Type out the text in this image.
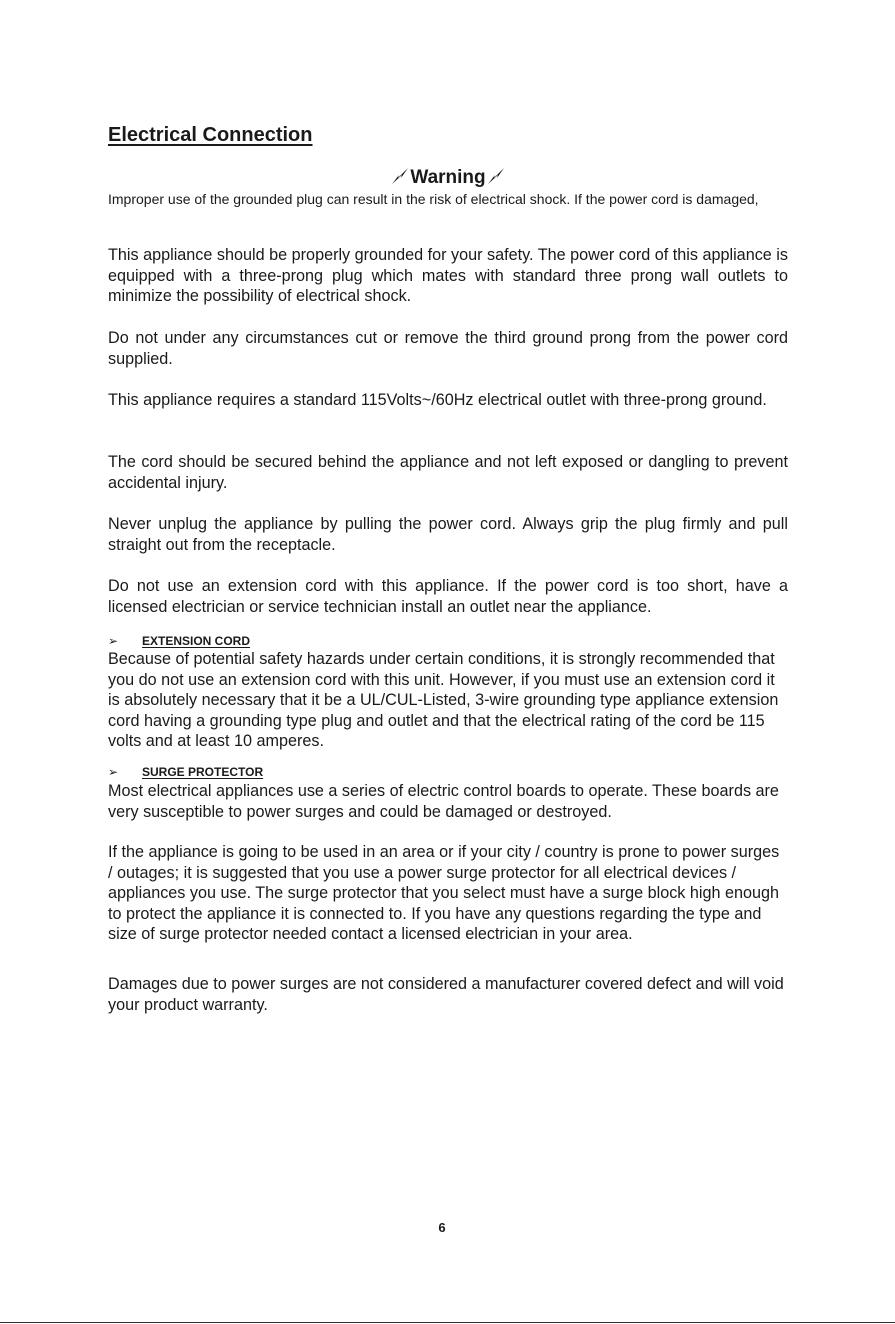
Electrical Connection
Warning
Improper use of the grounded plug can result in the risk of electrical shock. If the power cord is damaged,
This appliance should be properly grounded for your safety. The power cord of this appliance is equipped with a three-prong plug which mates with standard three prong wall outlets to minimize the possibility of electrical shock.
Do not under any circumstances cut or remove the third ground prong from the power cord supplied.
This appliance requires a standard 115Volts~/60Hz electrical outlet with three-prong ground.
The cord should be secured behind the appliance and not left exposed or dangling to prevent accidental injury.
Never unplug the appliance by pulling the power cord. Always grip the plug firmly and pull straight out from the receptacle.
Do not use an extension cord with this appliance. If the power cord is too short, have a licensed electrician or service technician install an outlet near the appliance.
➢ EXTENSION CORD
Because of potential safety hazards under certain conditions, it is strongly recommended that you do not use an extension cord with this unit. However, if you must use an extension cord it is absolutely necessary that it be a UL/CUL-Listed, 3-wire grounding type appliance extension cord having a grounding type plug and outlet and that the electrical rating of the cord be 115 volts and at least 10 amperes.
➢ SURGE PROTECTOR
Most electrical appliances use a series of electric control boards to operate. These boards are very susceptible to power surges and could be damaged or destroyed.
If the appliance is going to be used in an area or if your city / country is prone to power surges / outages; it is suggested that you use a power surge protector for all electrical devices / appliances you use. The surge protector that you select must have a surge block high enough to protect the appliance it is connected to. If you have any questions regarding the type and size of surge protector needed contact a licensed electrician in your area.
Damages due to power surges are not considered a manufacturer covered defect and will void your product warranty.
6
